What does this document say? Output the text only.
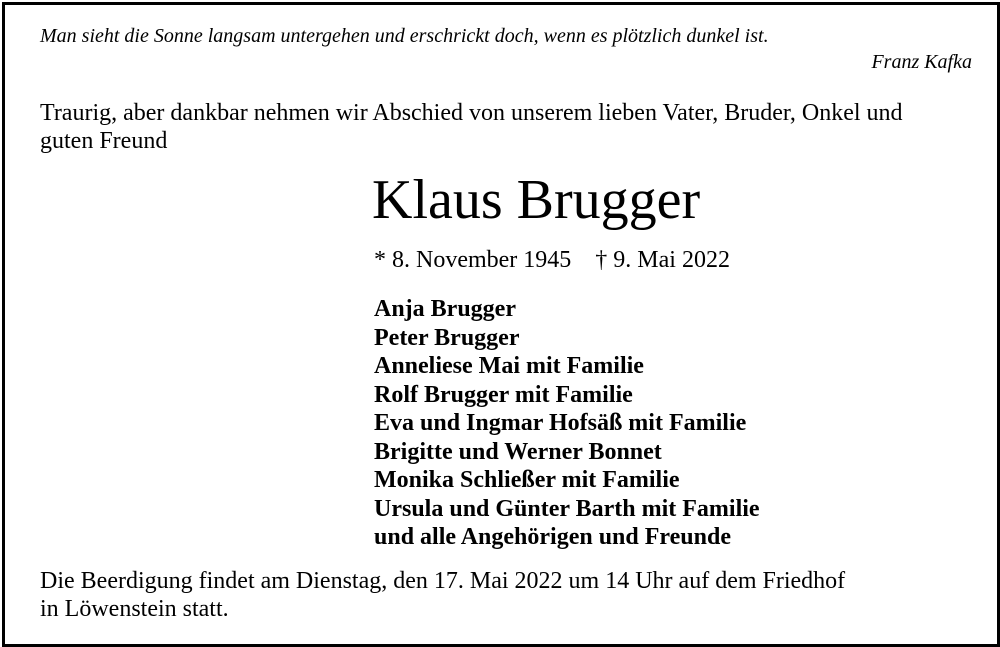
Man sieht die Sonne langsam untergehen und erschrickt doch, wenn es plötzlich dunkel ist.
Franz Kafka
Traurig, aber dankbar nehmen wir Abschied von unserem lieben Vater, Bruder, Onkel und
guten Freund
Klaus Brugger
* 8. November 1945 † 9. Mai 2022
Anja Brugger
Peter Brugger
Anneliese Mai mit Familie
Rolf Brugger mit Familie
Eva und Ingmar Hofsäß mit Familie
Brigitte und Werner Bonnet
Monika Schließer mit Familie
Ursula und Günter Barth mit Familie
und alle Angehörigen und Freunde
Die Beerdigung findet am Dienstag, den 17. Mai 2022 um 14 Uhr auf dem Friedhof
in Löwenstein statt.
